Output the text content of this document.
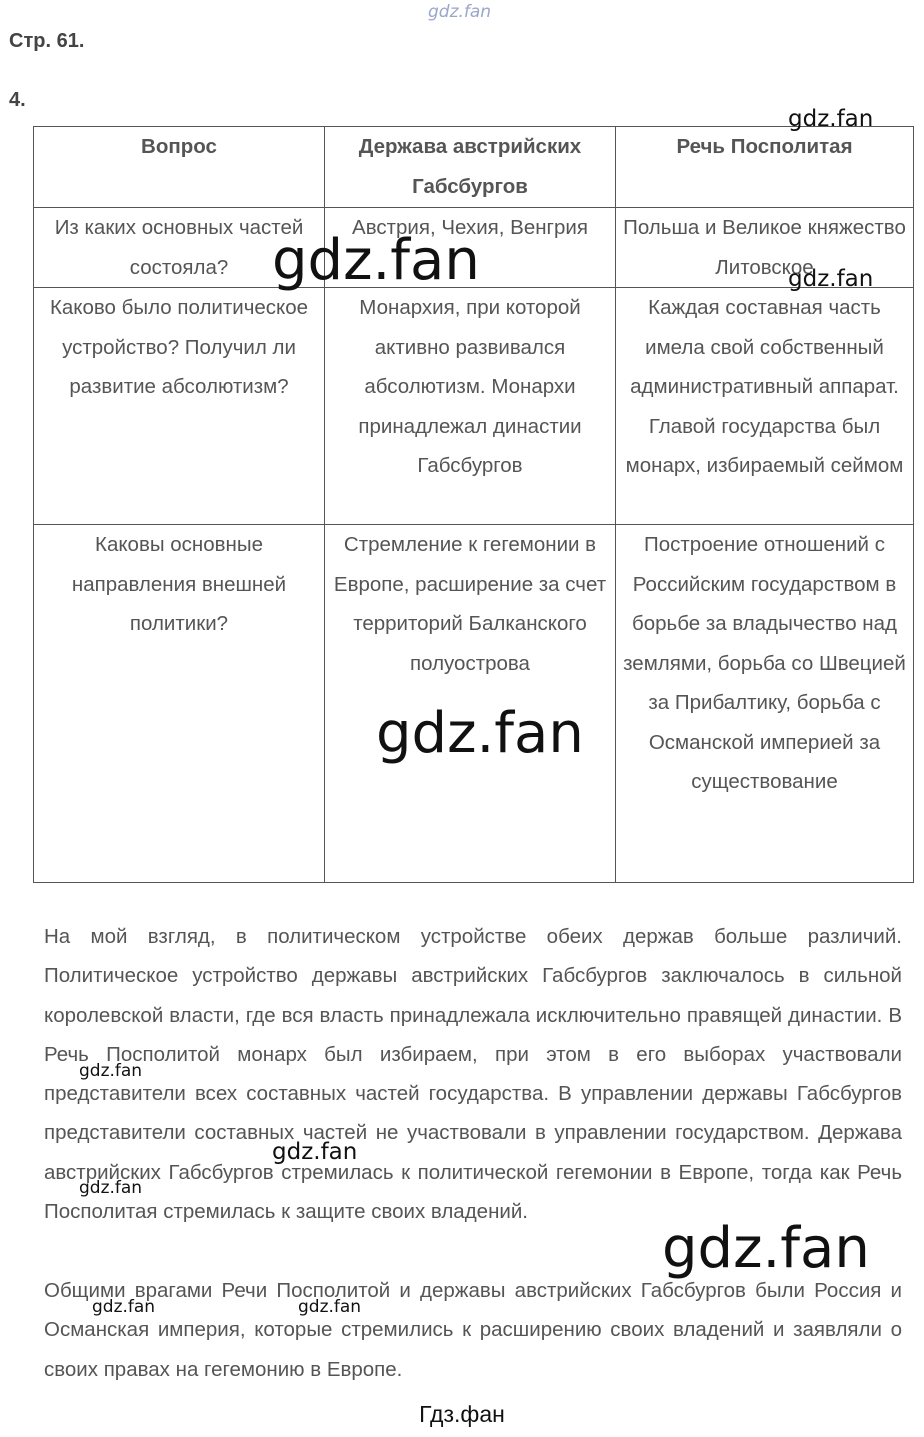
gdz.fan
Стр. 61.
4.
Вопрос	Держава австрийских Габсбургов	Речь Посполитая
Из каких основных частей состояла?	Австрия, Чехия, Венгрия	Польша и Великое княжество Литовское
Каково было политическое устройство? Получил ли развитие абсолютизм?	Монархия, при которой активно развивался абсолютизм. Монархи принадлежал династии Габсбургов	Каждая составная часть имела свой собственный административный аппарат. Главой государства был монарх, избираемый сеймом
Каковы основные направления внешней политики?	Стремление к гегемонии в Европе, расширение за счет территорий Балканского полуострова	Построение отношений с Российским государством в борьбе за владычество над землями, борьба со Швецией за Прибалтику, борьба с Османской империей за существование
На мой взгляд, в политическом устройстве обеих держав больше различий. Политическое устройство державы австрийских Габсбургов заключалось в сильной королевской власти, где вся власть принадлежала исключительно правящей династии. В Речь Посполитой монарх был избираем, при этом в его выборах участвовали представители всех составных частей государства. В управлении державы Габсбургов представители составных частей не участвовали в управлении государством. Держава австрийских Габсбургов стремилась к политической гегемонии в Европе, тогда как Речь Посполитая стремилась к защите своих владений.
Общими врагами Речи Посполитой и державы австрийских Габсбургов были Россия и Османская империя, которые стремились к расширению своих владений и заявляли о своих правах на гегемонию в Европе.
gdz.fan
gdz.fan	gdz.fan
gdz.fan
gdz.fan
gdz.fan
gdz.fan
gdz.fan
gdz.fan	gdz.fan
Гдз.фан
